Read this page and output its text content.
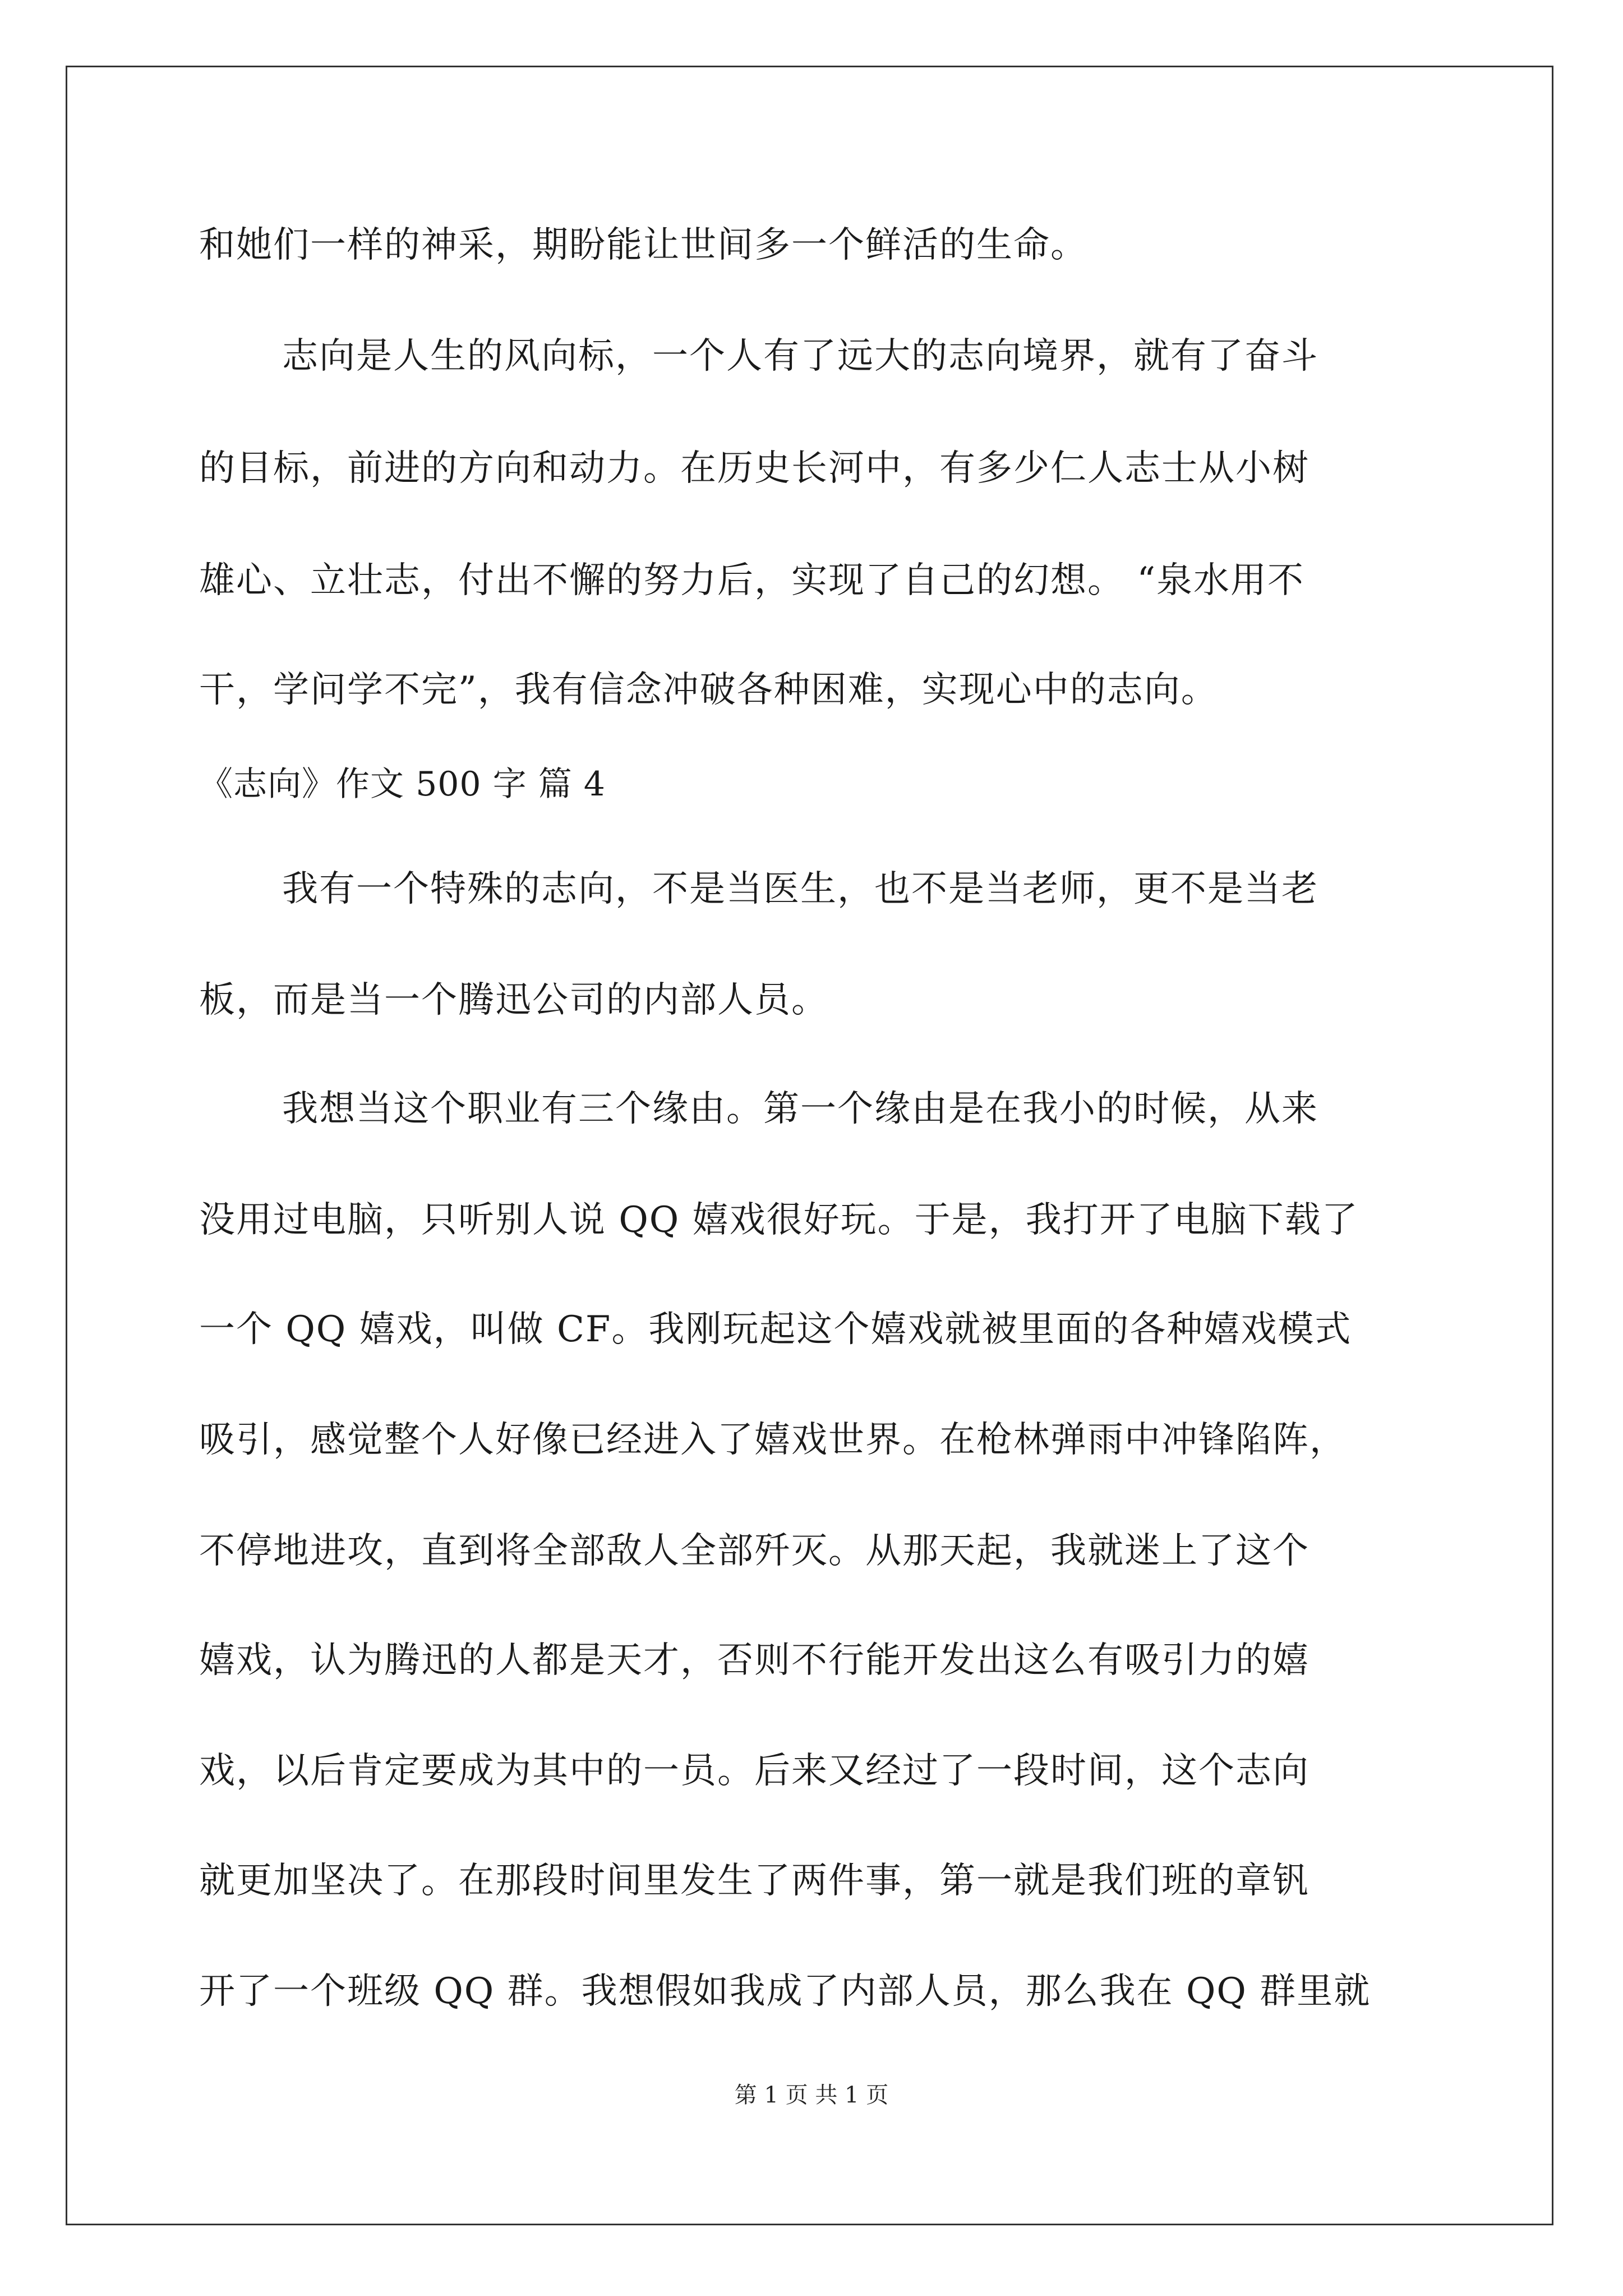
和她们一样的神采，期盼能让世间多一个鲜活的生命。
志向是人生的风向标，一个人有了远大的志向境界，就有了奋斗
的目标，前进的方向和动力。在历史长河中，有多少仁人志士从小树
雄心、立壮志，付出不懈的努力后，实现了自己的幻想。 “泉水用不
干，学问学不完”，我有信念冲破各种困难，实现心中的志向。
《志向》作文 500 字 篇 4
我有一个特殊的志向，不是当医生，也不是当老师，更不是当老
板，而是当一个腾迅公司的内部人员。
我想当这个职业有三个缘由。第一个缘由是在我小的时候，从来
没用过电脑，只听别人说 QQ 嬉戏很好玩。于是，我打开了电脑下载了
一个 QQ 嬉戏，叫做 CF。我刚玩起这个嬉戏就被里面的各种嬉戏模式
吸引，感觉整个人好像已经进入了嬉戏世界。在枪林弹雨中冲锋陷阵，
不停地进攻，直到将全部敌人全部歼灭。从那天起，我就迷上了这个
嬉戏，认为腾迅的人都是天才，否则不行能开发出这么有吸引力的嬉
戏，以后肯定要成为其中的一员。后来又经过了一段时间，这个志向
就更加坚决了。在那段时间里发生了两件事，第一就是我们班的章钒
开了一个班级 QQ 群。我想假如我成了内部人员，那么我在 QQ 群里就
第 1 页 共 1 页
